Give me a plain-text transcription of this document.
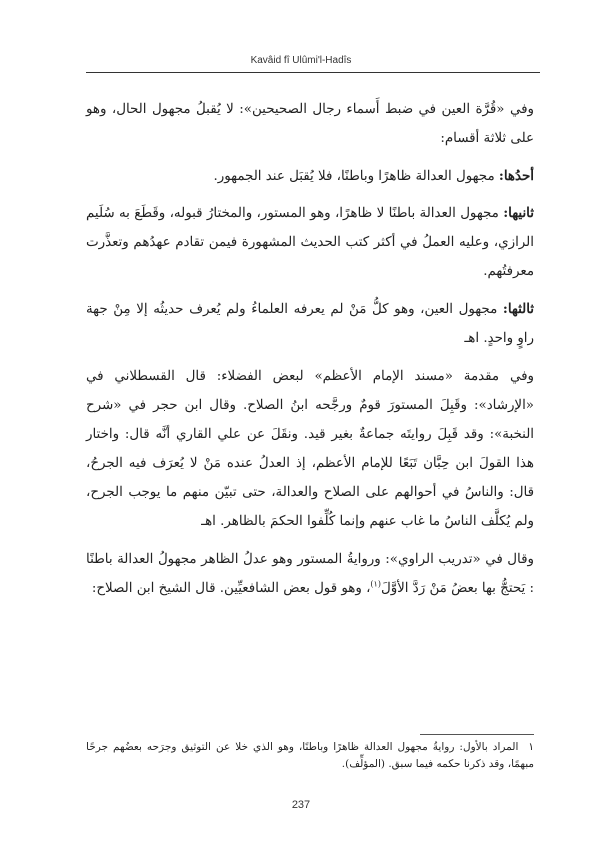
Kavâid fî Ulûmi'l-Hadîs

وفي «قُرَّة العين في ضبط أَسماء رجال الصحيحين»: لا يُقبلُ مجهول الحال، وهو على ثلاثة أقسام:

أحدُها: مجهول العدالة ظاهرًا وباطنًا، فلا يُقبَل عند الجمهور.

ثانيها: مجهول العدالة باطنًا لا ظاهرًا، وهو المستور، والمختارُ قبوله، وقَطَعَ به سُلَيم الرازي، وعليه العملُ في أكثر كتب الحديث المشهورة فيمن تقادم عهدُهم وتعذَّرت معرفتُهم.

ثالثها: مجهول العين، وهو كلُّ مَنْ لم يعرفه العلماءُ ولم يُعرف حديثُه إلا مِنْ جهة راوٍ واحدٍ. اهـ

وفي مقدمة «مسند الإمام الأعظم» لبعض الفضلاء: قال القسطلاني في «الإرشاد»: وقَبِلَ المستورَ قومٌ ورجَّحه ابنُ الصلاح. وقال ابن حجر في «شرح النخبة»: وقد قَبِلَ روايتَه جماعةٌ بغير قيد. ونقَلَ عن علي القاري أنَّه قال: واختار هذا القولَ ابن حِبَّان تَبَعًا للإمام الأعظم، إذ العدلُ عنده مَنْ لا يُعرَف فيه الجرحُ، قال: والناسُ في أحوالهم على الصلاح والعدالة، حتى تبيّن منهم ما يوجب الجرح، ولم يُكلَّف الناسُ ما غاب عنهم وإنما كُلِّفوا الحكمَ بالظاهر. اهـ

وقال في «تدريب الراوي»: وروايةُ المستور وهو عدلُ الظاهر مجهولُ العدالة باطنًا : يَحتجُّ بها بعضُ مَنْ رَدَّ الأوَّلَ$^{(١)}$، وهو قول بعض الشافعيِّين. قال الشيخ ابن الصلاح:

١المراد بالأول: روايةُ مجهول العدالة ظاهرًا وباطنًا، وهو الذي خلا عن التوثيق وجرَحه بعضُهم جرحًا مبهمًا، وقد ذكرنا حكمه فيما سبق. (المؤلِّف).
237
